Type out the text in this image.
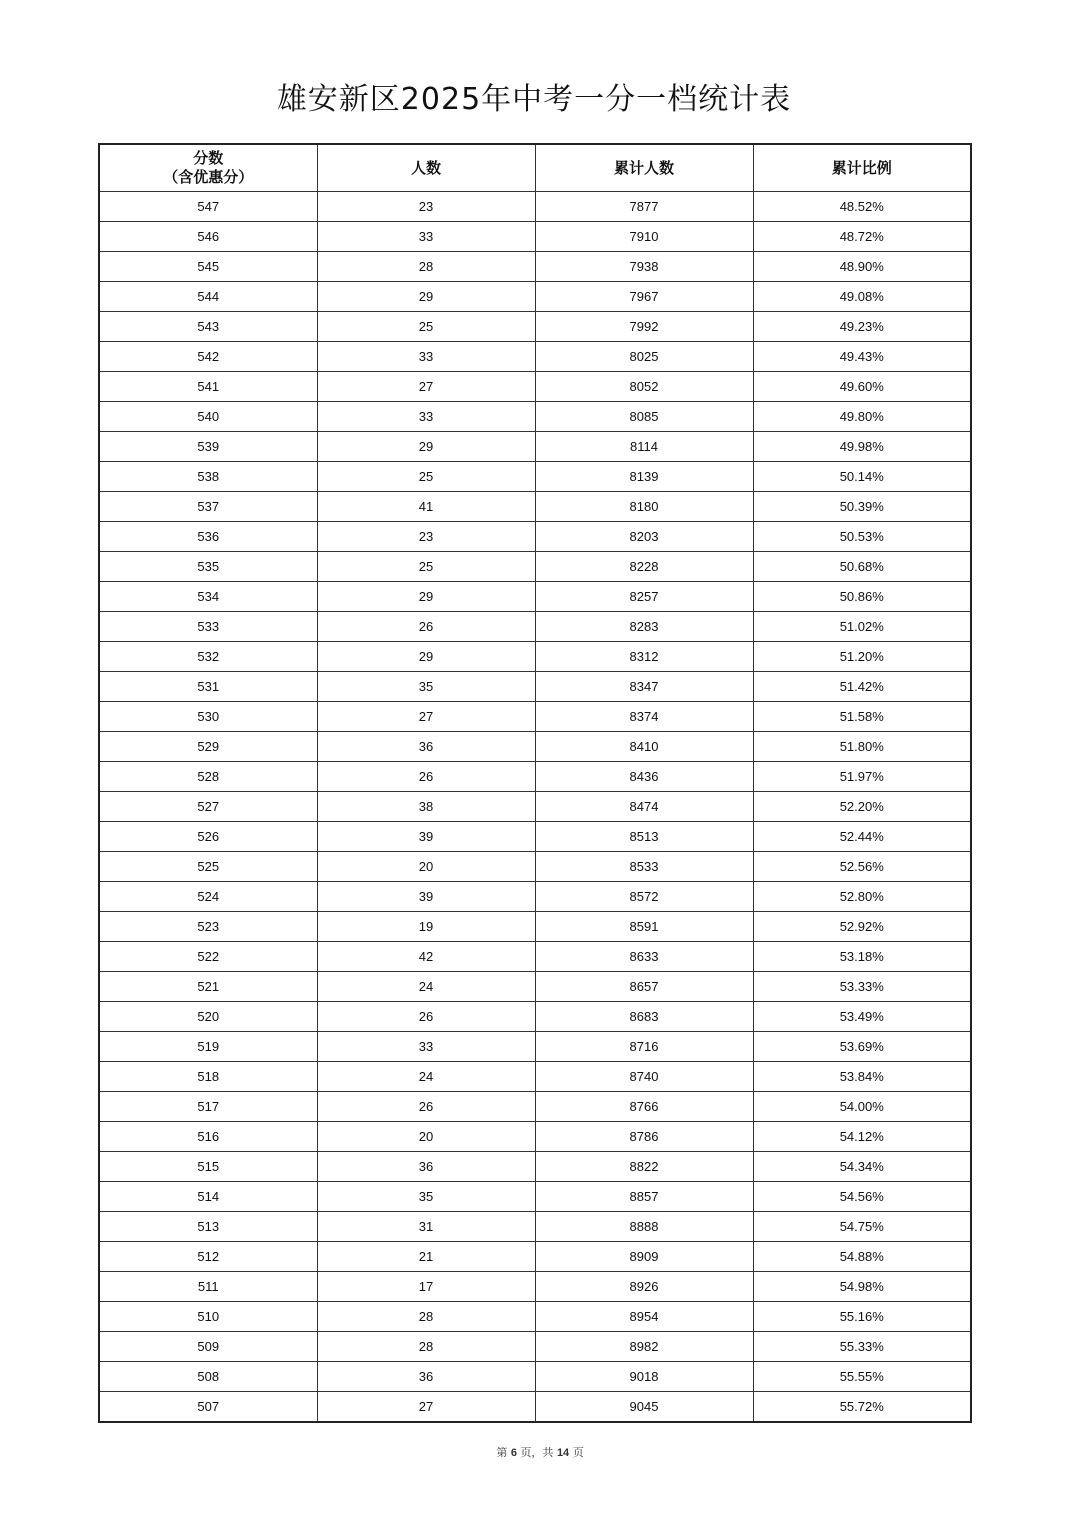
雄安新区2025年中考一分一档统计表
分数
（含优惠分）	人数	累计人数	累计比例
547	23	7877	48.52%
546	33	7910	48.72%
545	28	7938	48.90%
544	29	7967	49.08%
543	25	7992	49.23%
542	33	8025	49.43%
541	27	8052	49.60%
540	33	8085	49.80%
539	29	8114	49.98%
538	25	8139	50.14%
537	41	8180	50.39%
536	23	8203	50.53%
535	25	8228	50.68%
534	29	8257	50.86%
533	26	8283	51.02%
532	29	8312	51.20%
531	35	8347	51.42%
530	27	8374	51.58%
529	36	8410	51.80%
528	26	8436	51.97%
527	38	8474	52.20%
526	39	8513	52.44%
525	20	8533	52.56%
524	39	8572	52.80%
523	19	8591	52.92%
522	42	8633	53.18%
521	24	8657	53.33%
520	26	8683	53.49%
519	33	8716	53.69%
518	24	8740	53.84%
517	26	8766	54.00%
516	20	8786	54.12%
515	36	8822	54.34%
514	35	8857	54.56%
513	31	8888	54.75%
512	21	8909	54.88%
511	17	8926	54.98%
510	28	8954	55.16%
509	28	8982	55.33%
508	36	9018	55.55%
507	27	9045	55.72%
第 6 页，共 14 页
